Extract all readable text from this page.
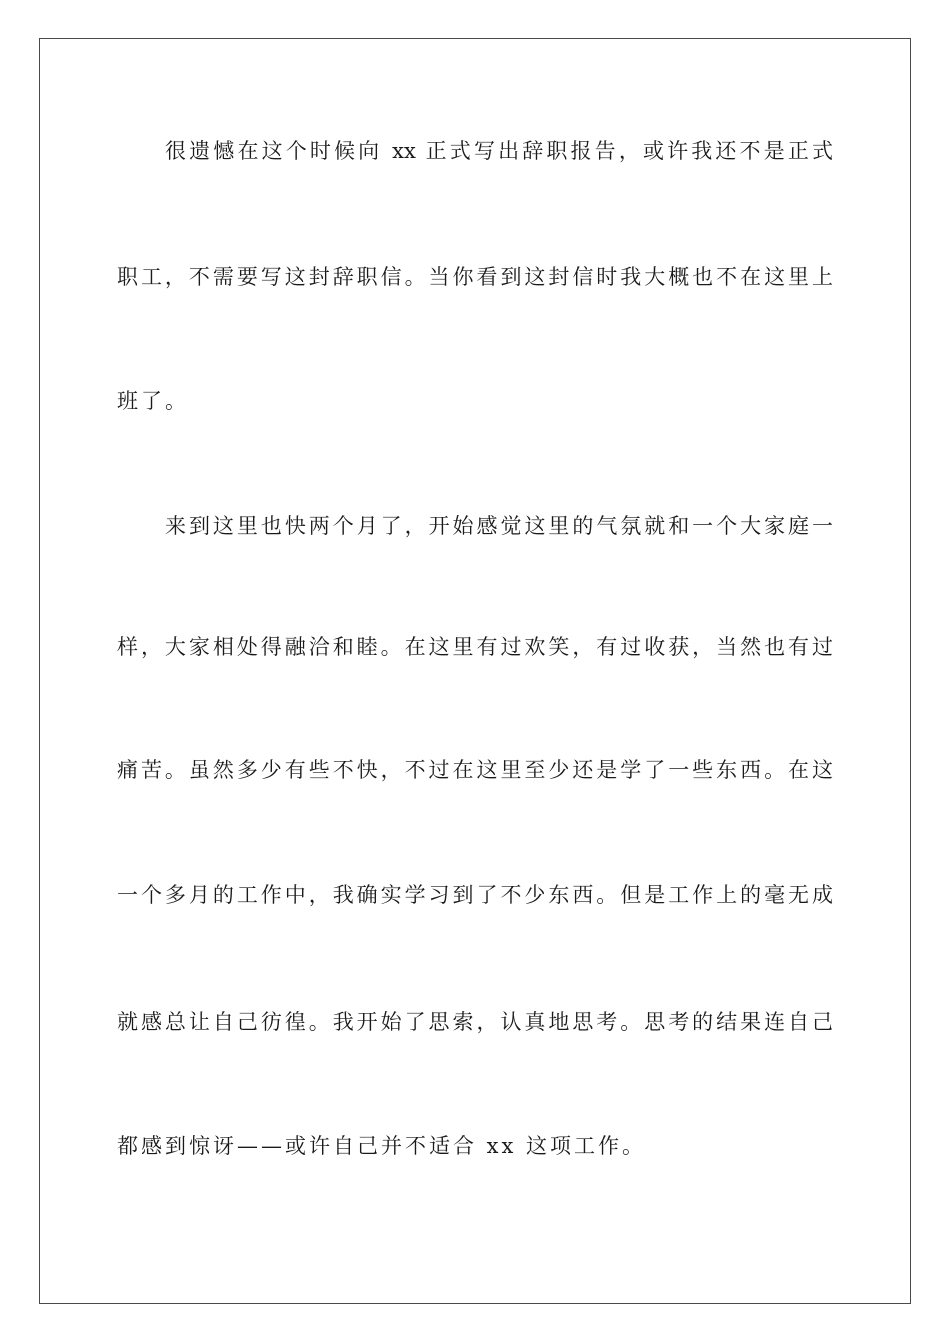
很遗憾在这个时候向 xx 正式写出辞职报告，或许我还不是正式
职工，不需要写这封辞职信。当你看到这封信时我大概也不在这里上
班了。
来到这里也快两个月了，开始感觉这里的气氛就和一个大家庭一
样，大家相处得融洽和睦。在这里有过欢笑，有过收获，当然也有过
痛苦。虽然多少有些不快，不过在这里至少还是学了一些东西。在这
一个多月的工作中，我确实学习到了不少东西。但是工作上的毫无成
就感总让自己彷徨。我开始了思索，认真地思考。思考的结果连自己
都感到惊讶——或许自己并不适合 xx 这项工作。
